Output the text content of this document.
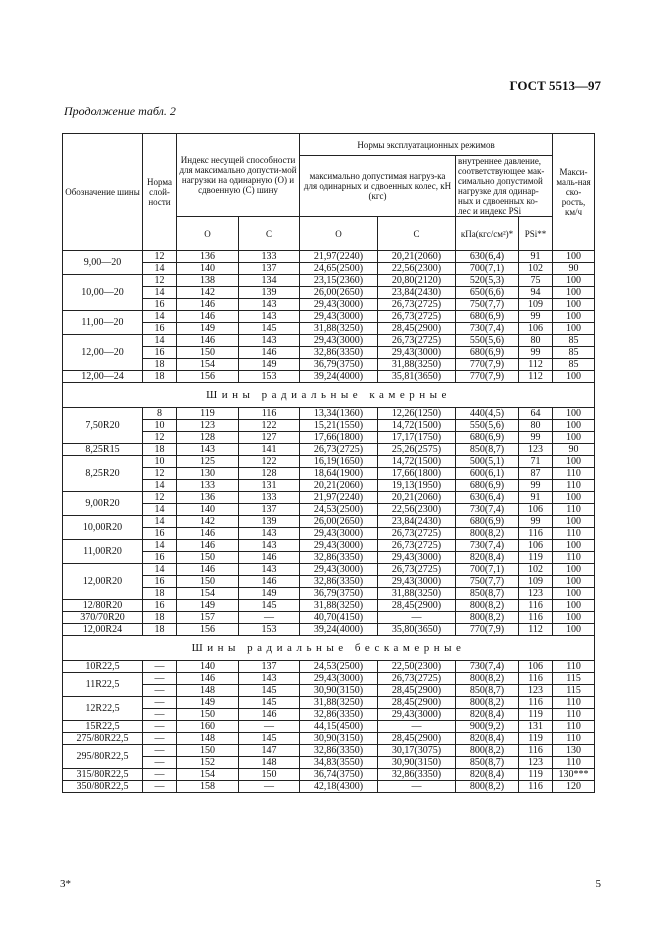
ГОСТ 5513—97
Продолжение табл. 2
Обозначение шины	Норма слой-ности	Индекс несущей способности для максимально допусти-мой нагрузки на одинарную (О) и сдвоенную (С) шину		Нормы эксплуатационных режимов				Макси-маль-ная ско-рость, км/ч
				максимально допустимая нагруз-ка для одинарных и сдвоенных колес, кН (кгс)		внутреннее давление, соответствующее мак-симально допустимой нагрузке для одинар-ных и сдвоенных ко-лес и индекс PSi		
		О	С	О	С	кПа(кгс/см²)*	PSi**	
9,00—20	12	136	133	21,97(2240)	20,21(2060)	630(6,4)	91	100
	14	140	137	24,65(2500)	22,56(2300)	700(7,1)	102	90
10,00—20	12	138	134	23,15(2360)	20,80(2120)	520(5,3)	75	100
	14	142	139	26,00(2650)	23,84(2430)	650(6,6)	94	100
	16	146	143	29,43(3000)	26,73(2725)	750(7,7)	109	100
11,00—20	14	146	143	29,43(3000)	26,73(2725)	680(6,9)	99	100
	16	149	145	31,88(3250)	28,45(2900)	730(7,4)	106	100
12,00—20	14	146	143	29,43(3000)	26,73(2725)	550(5,6)	80	85
	16	150	146	32,86(3350)	29,43(3000)	680(6,9)	99	85
	18	154	149	36,79(3750)	31,88(3250)	770(7,9)	112	85
12,00—24	18	156	153	39,24(4000)	35,81(3650)	770(7,9)	112	100
Шины радиальные камерные								
7,50R20	8	119	116	13,34(1360)	12,26(1250)	440(4,5)	64	100
	10	123	122	15,21(1550)	14,72(1500)	550(5,6)	80	100
	12	128	127	17,66(1800)	17,17(1750)	680(6,9)	99	100
8,25R15	18	143	141	26,73(2725)	25,26(2575)	850(8,7)	123	90
8,25R20	10	125	122	16,19(1650)	14,72(1500)	500(5,1)	71	100
	12	130	128	18,64(1900)	17,66(1800)	600(6,1)	87	110
	14	133	131	20,21(2060)	19,13(1950)	680(6,9)	99	110
9,00R20	12	136	133	21,97(2240)	20,21(2060)	630(6,4)	91	100
	14	140	137	24,53(2500)	22,56(2300)	730(7,4)	106	110
10,00R20	14	142	139	26,00(2650)	23,84(2430)	680(6,9)	99	100
	16	146	143	29,43(3000)	26,73(2725)	800(8,2)	116	110
11,00R20	14	146	143	29,43(3000)	26,73(2725)	730(7,4)	106	100
	16	150	146	32,86(3350)	29,43(3000)	820(8,4)	119	110
12,00R20	14	146	143	29,43(3000)	26,73(2725)	700(7,1)	102	100
	16	150	146	32,86(3350)	29,43(3000)	750(7,7)	109	100
	18	154	149	36,79(3750)	31,88(3250)	850(8,7)	123	100
12/80R20	16	149	145	31,88(3250)	28,45(2900)	800(8,2)	116	100
370/70R20	18	157	—	40,70(4150)	—	800(8,2)	116	100
12,00R24	18	156	153	39,24(4000)	35,80(3650)	770(7,9)	112	100
Шины радиальные бескамерные								
10R22,5	—	140	137	24,53(2500)	22,50(2300)	730(7,4)	106	110
11R22,5	—	146	143	29,43(3000)	26,73(2725)	800(8,2)	116	115
	—	148	145	30,90(3150)	28,45(2900)	850(8,7)	123	115
12R22,5	—	149	145	31,88(3250)	28,45(2900)	800(8,2)	116	110
	—	150	146	32,86(3350)	29,43(3000)	820(8,4)	119	110
15R22,5	—	160	—	44,15(4500)	—	900(9,2)	131	110
275/80R22,5	—	148	145	30,90(3150)	28,45(2900)	820(8,4)	119	110
295/80R22,5	—	150	147	32,86(3350)	30,17(3075)	800(8,2)	116	130
	—	152	148	34,83(3550)	30,90(3150)	850(8,7)	123	110
315/80R22,5	—	154	150	36,74(3750)	32,86(3350)	820(8,4)	119	130***
350/80R22,5	—	158	—	42,18(4300)	—	800(8,2)	116	120
3*	5
